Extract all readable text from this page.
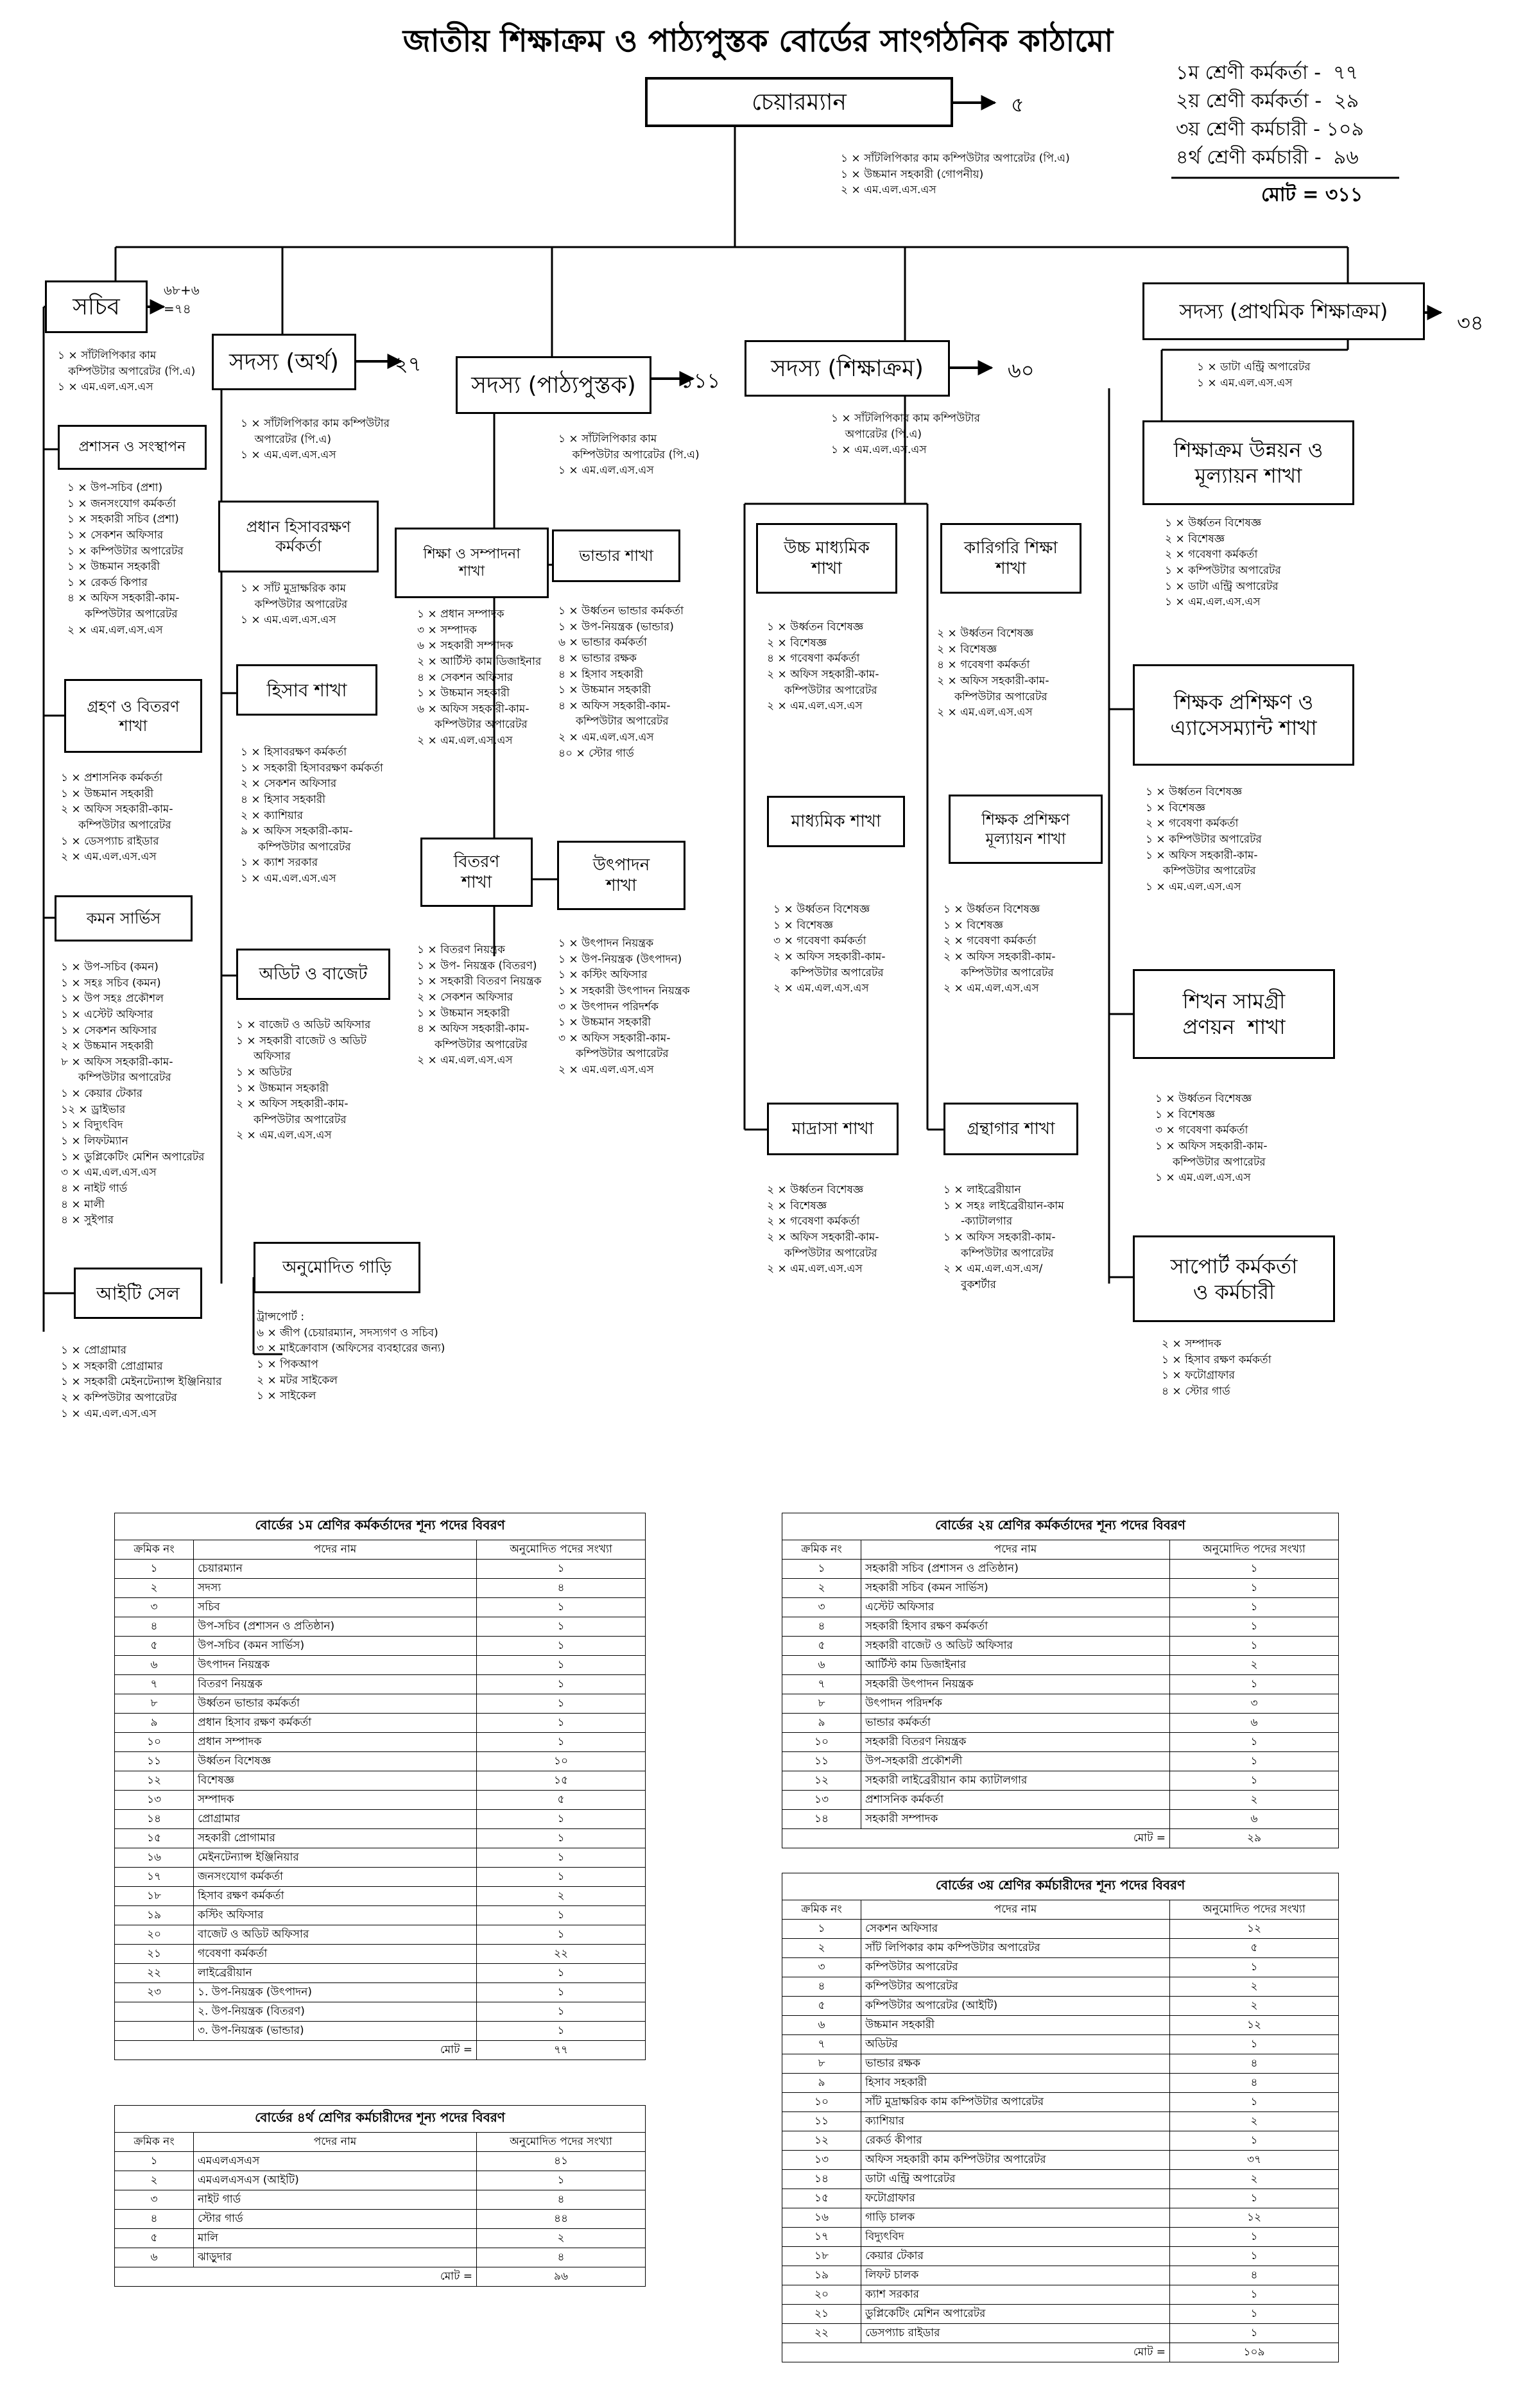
জাতীয় শিক্ষাক্রম ও পাঠ্যপুস্তক বোর্ডের সাংগঠনিক কাঠামো
১ম শ্রেণী কর্মকর্তা -  ৭৭
২য় শ্রেণী কর্মকর্তা -  ২৯
৩য় শ্রেণী কর্মচারী - ১০৯
৪র্থ শ্রেণী কর্মচারী -  ৯৬
মোট = ৩১১
চেয়ারম্যান	৫
১ × সাঁটলিপিকার কাম কম্পিউটার অপারেটর (পি.এ)
১ × উচ্চমান সহকারী (গোপনীয়)
২ × এম.এল.এস.এস
সচিব
৬৮+৬
=৭৪
১ × সাঁটলিপিকার কাম
কম্পিউটার অপারেটর (পি.এ)
১ × এম.এল.এস.এস
প্রশাসন ও সংস্থাপন
১ × উপ-সচিব (প্রশা)
১ × জনসংযোগ কর্মকর্তা
১ × সহকারী সচিব (প্রশা)
১ × সেকশন অফিসার
১ × কম্পিউটার অপারেটর
১ × উচ্চমান সহকারী
১ × রেকর্ড কিপার
৪ × অফিস সহকারী-কাম-
কম্পিউটার অপারেটর
২ × এম.এল.এস.এস
গ্রহণ ও বিতরণ
শাখা
১ × প্রশাসনিক কর্মকর্তা
১ × উচ্চমান সহকারী
২ × অফিস সহকারী-কাম-
কম্পিউটার অপারেটর
১ × ডেসপ্যাচ রাইডার
২ × এম.এল.এস.এস
কমন সার্ভিস
১ × উপ-সচিব (কমন)
১ × সহঃ সচিব (কমন)
১ × উপ সহঃ প্রকৌশল
১ × এস্টেট অফিসার
১ × সেকশন অফিসার
২ × উচ্চমান সহকারী
৮ × অফিস সহকারী-কাম-
কম্পিউটার অপারেটর
১ × কেয়ার টেকার
১২ × ড্রাইভার
১ × বিদ্যুৎবিদ
১ × লিফটম্যান
১ × ডুপ্লিকেটিং মেশিন অপারেটর
৩ × এম.এল.এস.এস
৪ × নাইট গার্ড
৪ × মালী
৪ × সুইপার
আইটি সেল
১ × প্রোগ্রামার
১ × সহকারী প্রোগ্রামার
১ × সহকারী মেইনটেন্যান্স ইঞ্জিনিয়ার
২ × কম্পিউটার অপারেটর
১ × এম.এল.এস.এস
সদস্য (অর্থ)	২৭
১ × সাঁটলিপিকার কাম কম্পিউটার
অপারেটর (পি.এ)
১ × এম.এল.এস.এস
প্রধান হিসাবরক্ষণ
কর্মকর্তা
১ × সাঁট মুদ্রাক্ষরিক কাম
কম্পিউটার অপারেটর
১ × এম.এল.এস.এস
হিসাব শাখা
১ × হিসাবরক্ষণ কর্মকর্তা
১ × সহকারী হিসাবরক্ষণ কর্মকর্তা
২ × সেকশন অফিসার
৪ × হিসাব সহকারী
২ × ক্যাশিয়ার
৯ × অফিস সহকারী-কাম-
কম্পিউটার অপারেটর
১ × ক্যাশ সরকার
১ × এম.এল.এস.এস
অডিট ও বাজেট
১ × বাজেট ও অডিট অফিসার
১ × সহকারী বাজেট ও অডিট
অফিসার
১ × অডিটর
১ × উচ্চমান সহকারী
২ × অফিস সহকারী-কাম-
কম্পিউটার অপারেটর
২ × এম.এল.এস.এস
অনুমোদিত গাড়ি
ট্রান্সপোর্ট :
৬ × জীপ (চেয়ারম্যান, সদস্যগণ ও সচিব)
৩ × মাইক্রোবাস (অফিসের ব্যবহারের জন্য)
১ × পিকআপ
২ × মটর সাইকেল
১ × সাইকেল
সদস্য (পাঠ্যপুস্তক)	১১১
১ × সাঁটলিপিকার কাম
কম্পিউটার অপারেটর (পি.এ)
১ × এম.এল.এস.এস
শিক্ষা ও সম্পাদনা
শাখা
১ × প্রধান সম্পাদক
৩ × সম্পাদক
৬ × সহকারী সম্পাদক
২ × আর্টিস্ট কাম ডিজাইনার
৪ × সেকশন অফিসার
১ × উচ্চমান সহকারী
৬ × অফিস সহকারী-কাম-
কম্পিউটার অপারেটর
২ × এম.এল.এস.এস
ভান্ডার শাখা
১ × উর্ধ্বতন ভান্ডার কর্মকর্তা
১ × উপ-নিয়ন্ত্রক (ভান্ডার)
৬ × ভান্ডার কর্মকর্তা
৪ × ভান্ডার রক্ষক
৪ × হিসাব সহকারী
১ × উচ্চমান সহকারী
৪ × অফিস সহকারী-কাম-
কম্পিউটার অপারেটর
২ × এম.এল.এস.এস
৪০ × স্টোর গার্ড
বিতরণ
শাখা
১ × বিতরণ নিয়ন্ত্রক
১ × উপ- নিয়ন্ত্রক (বিতরণ)
১ × সহকারী বিতরণ নিয়ন্ত্রক
২ × সেকশন অফিসার
১ × উচ্চমান সহকারী
৪ × অফিস সহকারী-কাম-
কম্পিউটার অপারেটর
২ × এম.এল.এস.এস
উৎপাদন
শাখা
১ × উৎপাদন নিয়ন্ত্রক
১ × উপ-নিয়ন্ত্রক (উৎপাদন)
১ × কস্টিং অফিসার
১ × সহকারী উৎপাদন নিয়ন্ত্রক
৩ × উৎপাদন পরিদর্শক
১ × উচ্চমান সহকারী
৩ × অফিস সহকারী-কাম-
কম্পিউটার অপারেটর
২ × এম.এল.এস.এস
সদস্য (শিক্ষাক্রম)	৬০
১ × সাঁটলিপিকার কাম কম্পিউটার
অপারেটর (পি.এ)
১ × এম.এল.এস.এস
উচ্চ মাধ্যমিক
শাখা
১ × উর্ধ্বতন বিশেষজ্ঞ
২ × বিশেষজ্ঞ
৪ × গবেষণা কর্মকর্তা
২ × অফিস সহকারী-কাম-
কম্পিউটার অপারেটর
২ × এম.এল.এস.এস
কারিগরি শিক্ষা
শাখা
২ × উর্ধ্বতন বিশেষজ্ঞ
২ × বিশেষজ্ঞ
৪ × গবেষণা কর্মকর্তা
২ × অফিস সহকারী-কাম-
কম্পিউটার অপারেটর
২ × এম.এল.এস.এস
মাধ্যমিক শাখা
১ × উর্ধ্বতন বিশেষজ্ঞ
১ × বিশেষজ্ঞ
৩ × গবেষণা কর্মকর্তা
২ × অফিস সহকারী-কাম-
কম্পিউটার অপারেটর
২ × এম.এল.এস.এস
শিক্ষক প্রশিক্ষণ
মূল্যায়ন শাখা
১ × উর্ধ্বতন বিশেষজ্ঞ
১ × বিশেষজ্ঞ
২ × গবেষণা কর্মকর্তা
২ × অফিস সহকারী-কাম-
কম্পিউটার অপারেটর
২ × এম.এল.এস.এস
মাদ্রাসা শাখা
২ × উর্ধ্বতন বিশেষজ্ঞ
২ × বিশেষজ্ঞ
২ × গবেষণা কর্মকর্তা
২ × অফিস সহকারী-কাম-
কম্পিউটার অপারেটর
২ × এম.এল.এস.এস
গ্রন্থাগার শাখা
১ × লাইব্রেরীয়ান
১ × সহঃ লাইব্রেরীয়ান-কাম
-ক্যাটালগার
১ × অফিস সহকারী-কাম-
কম্পিউটার অপারেটর
২ × এম.এল.এস.এস/
বুকশর্টার
সদস্য (প্রাথমিক শিক্ষাক্রম)	৩৪
১ × ডাটা এন্ট্রি অপারেটর
১ × এম.এল.এস.এস
শিক্ষাক্রম উন্নয়ন ও
মূল্যায়ন শাখা
১ × উর্ধ্বতন বিশেষজ্ঞ
২ × বিশেষজ্ঞ
২ × গবেষণা কর্মকর্তা
১ × কম্পিউটার অপারেটর
১ × ডাটা এন্ট্রি অপারেটর
১ × এম.এল.এস.এস
শিক্ষক প্রশিক্ষণ ও
এ্যাসেসম্যান্ট শাখা
১ × উর্ধ্বতন বিশেষজ্ঞ
১ × বিশেষজ্ঞ
২ × গবেষণা কর্মকর্তা
১ × কম্পিউটার অপারেটর
১ × অফিস সহকারী-কাম-
কম্পিউটার অপারেটর
১ × এম.এল.এস.এস
শিখন সামগ্রী
প্রণয়ন  শাখা
১ × উর্ধ্বতন বিশেষজ্ঞ
১ × বিশেষজ্ঞ
৩ × গবেষণা কর্মকর্তা
১ × অফিস সহকারী-কাম-
কম্পিউটার অপারেটর
১ × এম.এল.এস.এস
সাপোর্ট কর্মকর্তা
ও কর্মচারী
২ × সম্পাদক
১ × হিসাব রক্ষণ কর্মকর্তা
১ × ফটোগ্রাফার
৪ × স্টোর গার্ড
বোর্ডের ১ম শ্রেণির কর্মকর্তাদের শূন্য পদের বিবরণ
ক্রমিক নং	পদের নাম	অনুমোদিত পদের সংখ্যা
১	চেয়ারম্যান	১
২	সদস্য	৪
৩	সচিব	১
৪	উপ-সচিব (প্রশাসন ও প্রতিষ্ঠান)	১
৫	উপ-সচিব (কমন সার্ভিস)	১
৬	উৎপাদন নিয়ন্ত্রক	১
৭	বিতরণ নিয়ন্ত্রক	১
৮	উর্ধ্বতন ভান্ডার কর্মকর্তা	১
৯	প্রধান হিসাব রক্ষণ কর্মকর্তা	১
১০	প্রধান সম্পাদক	১
১১	উর্ধ্বতন বিশেষজ্ঞ	১০
১২	বিশেষজ্ঞ	১৫
১৩	সম্পাদক	৫
১৪	প্রোগ্রামার	১
১৫	সহকারী প্রোগামার	১
১৬	মেইনটেন্যান্স ইঞ্জিনিয়ার	১
১৭	জনসংযোগ কর্মকর্তা	১
১৮	হিসাব রক্ষণ কর্মকর্তা	২
১৯	কস্টিং অফিসার	১
২০	বাজেট ও অডিট অফিসার	১
২১	গবেষণা কর্মকর্তা	২২
২২	লাইব্রেরীয়ান	১
২৩	১. উপ-নিয়ন্ত্রক (উৎপাদন)	১
	২. উপ-নিয়ন্ত্রক (বিতরণ)	১
	৩. উপ-নিয়ন্ত্রক (ভান্ডার)	১
মোট =		৭৭
বোর্ডের ৪র্থ শ্রেণির কর্মচারীদের শূন্য পদের বিবরণ
ক্রমিক নং	পদের নাম	অনুমোদিত পদের সংখ্যা
১	এমএলএসএস	৪১
২	এমএলএসএস (আইটি)	১
৩	নাইট গার্ড	৪
৪	স্টোর গার্ড	৪৪
৫	মালি	২
৬	ঝাড়ুদার	৪
মোট =		৯৬
বোর্ডের ২য় শ্রেণির কর্মকর্তাদের শূন্য পদের বিবরণ
ক্রমিক নং	পদের নাম	অনুমোদিত পদের সংখ্যা
১	সহকারী সচিব (প্রশাসন ও প্রতিষ্ঠান)	১
২	সহকারী সচিব (কমন সার্ভিস)	১
৩	এস্টেট অফিসার	১
৪	সহকারী হিসাব রক্ষণ কর্মকর্তা	১
৫	সহকারী বাজেট ও অডিট অফিসার	১
৬	আর্টিস্ট কাম ডিজাইনার	২
৭	সহকারী উৎপাদন নিয়ন্ত্রক	১
৮	উৎপাদন পরিদর্শক	৩
৯	ভান্ডার কর্মকর্তা	৬
১০	সহকারী বিতরণ নিয়ন্ত্রক	১
১১	উপ-সহকারী প্রকৌশলী	১
১২	সহকারী লাইব্রেরীয়ান কাম ক্যাটালগার	১
১৩	প্রশাসনিক কর্মকর্তা	২
১৪	সহকারী সম্পাদক	৬
মোট =		২৯
বোর্ডের ৩য় শ্রেণির কর্মচারীদের শূন্য পদের বিবরণ
ক্রমিক নং	পদের নাম	অনুমোদিত পদের সংখ্যা
১	সেকশন অফিসার	১২
২	সাঁট লিপিকার কাম কম্পিউটার অপারেটর	৫
৩	কম্পিউটার অপারেটর	১
৪	কম্পিউটার অপারেটর	২
৫	কম্পিউটার অপারেটর (আইটি)	২
৬	উচ্চমান সহকারী	১২
৭	অডিটর	১
৮	ভান্ডার রক্ষক	৪
৯	হিসাব সহকারী	৪
১০	সাঁট মুদ্রাক্ষরিক কাম কম্পিউটার অপারেটর	১
১১	ক্যাশিয়ার	২
১২	রেকর্ড কীপার	১
১৩	অফিস সহকারী কাম কম্পিউটার অপারেটর	৩৭
১৪	ডাটা এন্ট্রি অপারেটর	২
১৫	ফটোগ্রাফার	১
১৬	গাড়ি চালক	১২
১৭	বিদ্যুৎবিদ	১
১৮	কেয়ার টেকার	১
১৯	লিফট চালক	৪
২০	ক্যাশ সরকার	১
২১	ডুপ্লিকেটিং মেশিন অপারেটর	১
২২	ডেসপ্যাচ রাইডার	১
মোট =		১০৯
